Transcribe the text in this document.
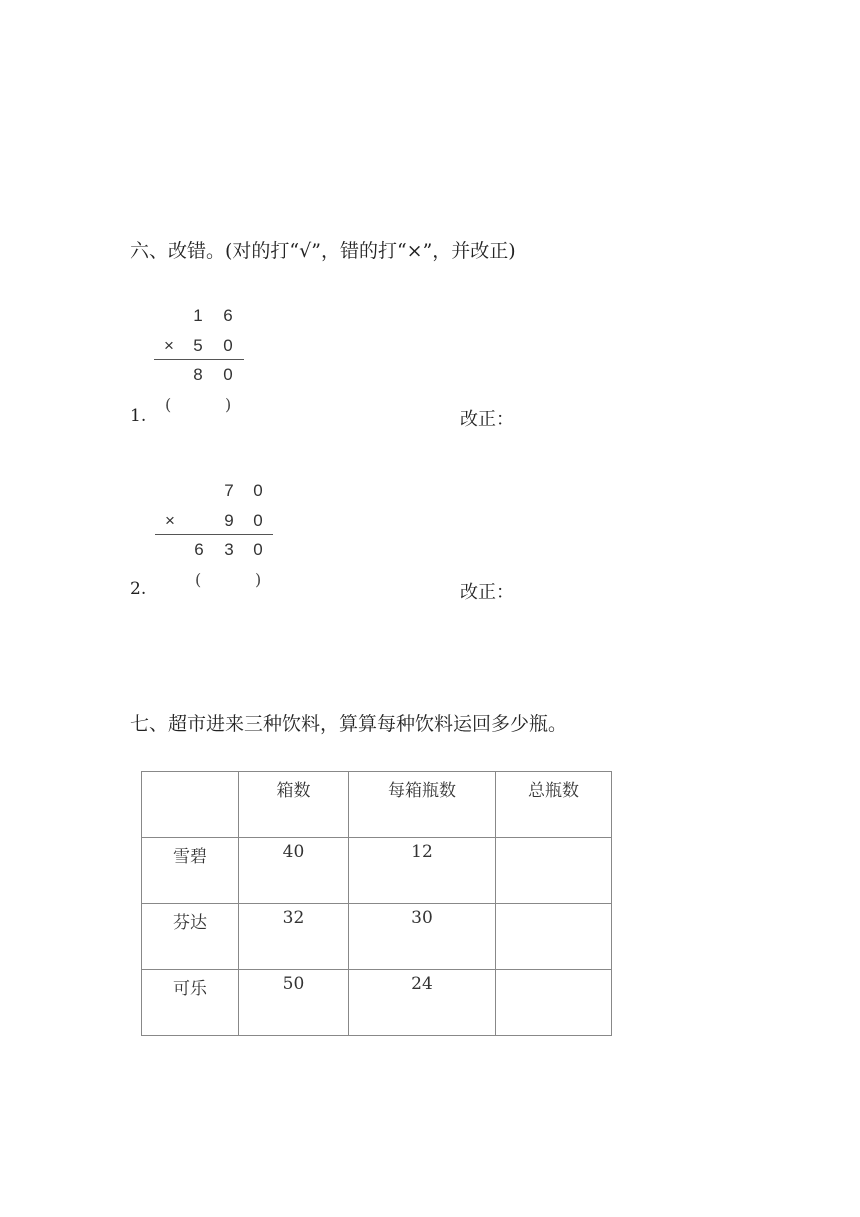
六、改错。(对的打“√”，错的打“×”，并改正)
1	6
×	5	0
8	0
(	)
1.	改正：
7	0
×	9	0
6	3	0
(	)
2.	改正：
七、超市进来三种饮料，算算每种饮料运回多少瓶。
	箱数	每箱瓶数	总瓶数
雪碧	40	12	
芬达	32	30	
可乐	50	24	
